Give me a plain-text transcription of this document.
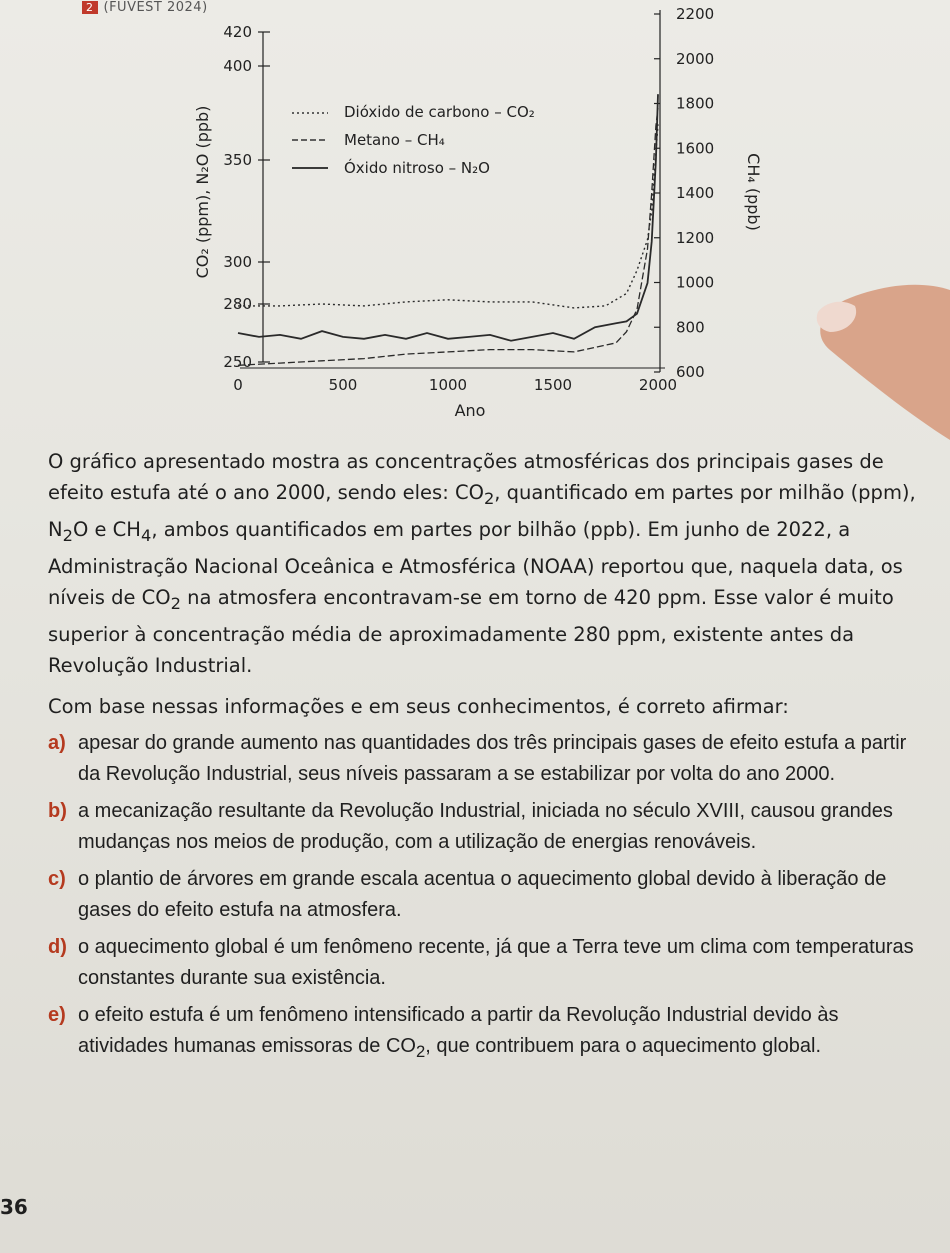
2 (FUVEST 2024)
250
280
300
350
400
420
600
800
1000
1200
1400
1600
1800
2000
2200
0	500	1000	1500	2000
CO₂ (ppm), N₂O (ppb)	CH₄ (ppb)
Ano
Dióxido de carbono – CO₂
Metano – CH₄
Óxido nitroso – N₂O

O gráfico apresentado mostra as concentrações atmosféricas dos principais gases de efeito estufa até o ano 2000, sendo eles: $CO_2$, quantificado em partes por milhão (ppm), $N_2O$ e $CH_4$, ambos quantificados em partes por bilhão (ppb). Em junho de 2022, a Administração Nacional Oceânica e Atmosférica (NOAA) reportou que, naquela data, os níveis de $CO_2$ na atmosfera encontravam-se em torno de 420 ppm. Esse valor é muito superior à concentração média de aproximadamente 280 ppm, existente antes da Revolução Industrial.

Com base nessas informações e em seus conhecimentos, é correto afirmar:

a) apesar do grande aumento nas quantidades dos três principais gases de efeito estufa a partir da Revolução Industrial, seus níveis passaram a se estabilizar por volta do ano 2000.

b) a mecanização resultante da Revolução Industrial, iniciada no século XVIII, causou grandes mudanças nos meios de produção, com a utilização de energias renováveis.

c) o plantio de árvores em grande escala acentua o aquecimento global devido à liberação de gases do efeito estufa na atmosfera.

d) o aquecimento global é um fenômeno recente, já que a Terra teve um clima com temperaturas constantes durante sua existência.

e) o efeito estufa é um fenômeno intensificado a partir da Revolução Industrial devido às atividades humanas emissoras de $CO_2$, que contribuem para o aquecimento global.

36
